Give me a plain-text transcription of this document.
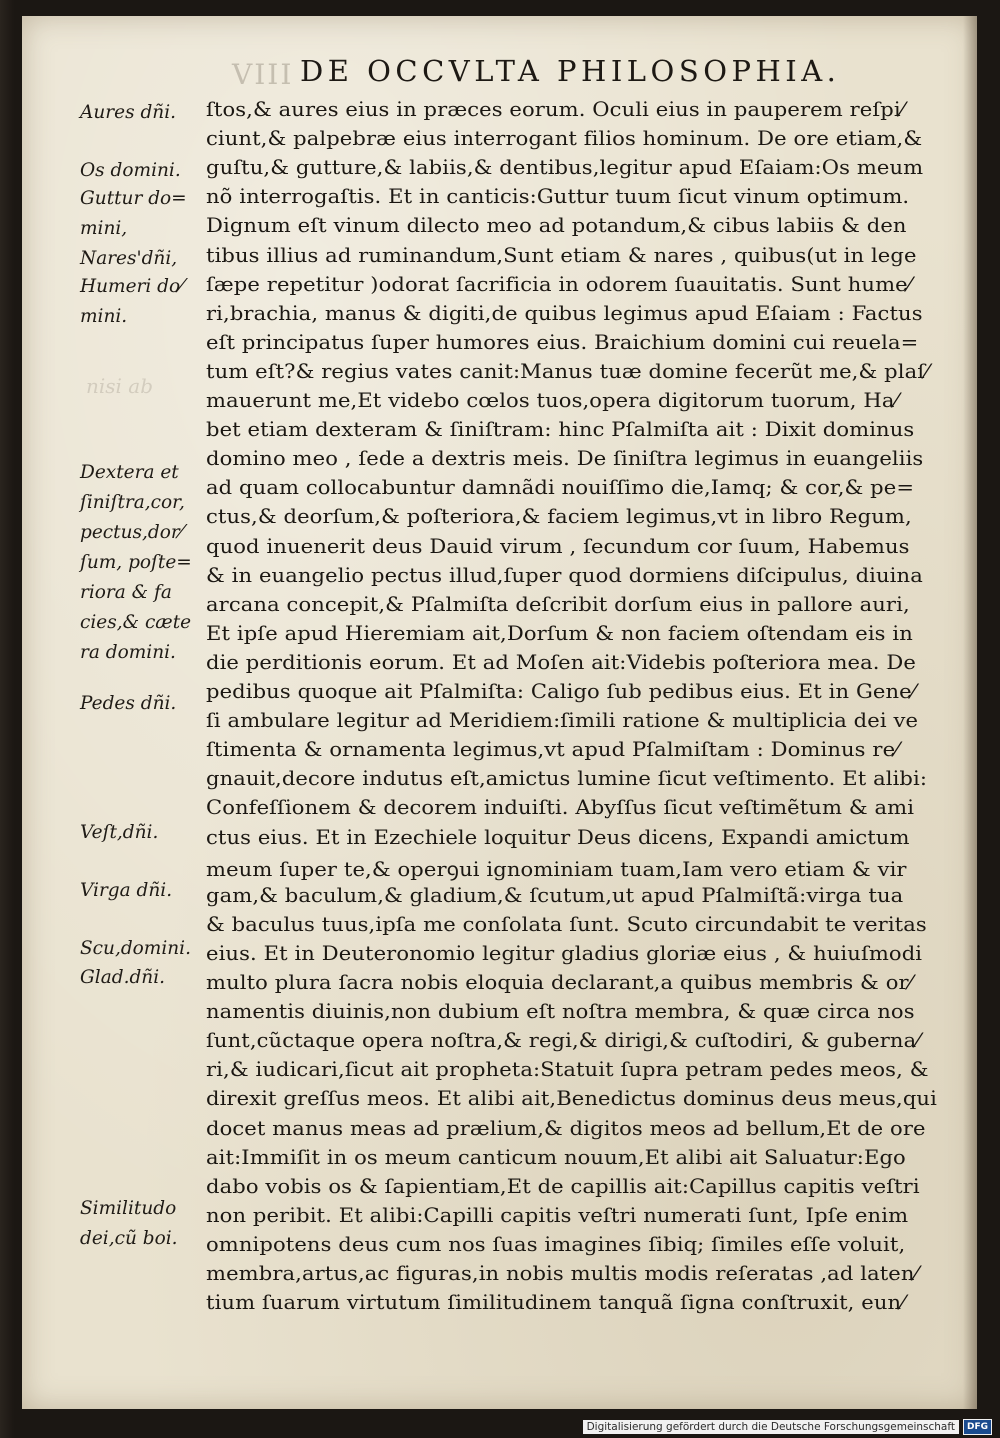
VIII DE OCCVLTA PHILOSOPHIA.
nisi ab
Aures dñi.
Os domini.
Guttur do=
mini,
Nares'dñi,
Humeri do⁄
mini.
Dextera et
ſiniſtra,cor,
pectus,dor⁄
ſum, poſte=
riora & fa
cies,& cæte
ra domini.
Pedes dñi.
Veſt,dñi.
Virga dñi.
Scu,domini.
Glad.dñi.
Similitudo
dei,cũ boi.
ſtos,& aures eius in præces eorum. Oculi eius in pauperem reſpi⁄
ciunt,& palpebræ eius interrogant filios hominum. De ore etiam,&
guſtu,& gutture,& labiis,& dentibus,legitur apud Eſaiam:Os meum
nõ interrogaſtis. Et in canticis:Guttur tuum ſicut vinum optimum.
Dignum eſt vinum dilecto meo ad potandum,& cibus labiis & den
tibus illius ad ruminandum,Sunt etiam & nares , quibus(ut in lege
ſæpe repetitur )odorat ſacrificia in odorem ſuauitatis. Sunt hume⁄
ri,brachia, manus & digiti,de quibus legimus apud Eſaiam : Factus
eſt principatus ſuper humores eius. Braichium domini cui reuela=
tum eſt?& regius vates canit:Manus tuæ domine fecerũt me,& plaſ⁄
mauerunt me,Et videbo cœlos tuos,opera digitorum tuorum, Ha⁄
bet etiam dexteram & ſiniſtram: hinc Pſalmiſta ait : Dixit dominus
domino meo , ſede a dextris meis. De ſiniſtra legimus in euangeliis
ad quam collocabuntur damnãdi nouiſſimo die,Iamq; & cor,& pe=
ctus,& deorſum,& poſteriora,& faciem legimus,vt in libro Regum,
quod inuenerit deus Dauid virum , ſecundum cor ſuum, Habemus
& in euangelio pectus illud,ſuper quod dormiens diſcipulus, diuina
arcana concepit,& Pſalmiſta deſcribit dorſum eius in pallore auri,
Et ipſe apud Hieremiam ait,Dorſum & non faciem oſtendam eis in
die perditionis eorum. Et ad Moſen ait:Videbis poſteriora mea. De
pedibus quoque ait Pſalmiſta: Caligo ſub pedibus eius. Et in Gene⁄
ſi ambulare legitur ad Meridiem:ſimili ratione & multiplicia dei ve
ſtimenta & ornamenta legimus,vt apud Pſalmiſtam : Dominus re⁄
gnauit,decore indutus eſt,amictus lumine ſicut veſtimento. Et alibi:
Confeſſionem & decorem induiſti. Abyſſus ſicut veſtimẽtum & ami
ctus eius. Et in Ezechiele loquitur Deus dicens, Expandi amictum
meum ſuper te,& operꝯui ignominiam tuam,Iam vero etiam & vir
gam,& baculum,& gladium,& ſcutum,ut apud Pſalmiſtã:virga tua
& baculus tuus,ipſa me conſolata ſunt. Scuto circundabit te veritas
eius. Et in Deuteronomio legitur gladius gloriæ eius , & huiuſmodi
multo plura ſacra nobis eloquia declarant,a quibus membris & or⁄
namentis diuinis,non dubium eſt noſtra membra, & quæ circa nos
ſunt,cũctaque opera noſtra,& regi,& dirigi,& cuſtodiri, & guberna⁄
ri,& iudicari,ſicut ait propheta:Statuit ſupra petram pedes meos, &
direxit greſſus meos. Et alibi ait,Benedictus dominus deus meus,qui
docet manus meas ad prælium,& digitos meos ad bellum,Et de ore
ait:Immiſit in os meum canticum nouum,Et alibi ait Saluatur:Ego
dabo vobis os & ſapientiam,Et de capillis ait:Capillus capitis veſtri
non peribit. Et alibi:Capilli capitis veſtri numerati ſunt, Ipſe enim
omnipotens deus cum nos ſuas imagines ſibiq; ſimiles eſſe voluit,
membra,artus,ac figuras,in nobis multis modis reſeratas ,ad laten⁄
tium ſuarum virtutum ſimilitudinem tanquã ſigna conſtruxit, eun⁄
Digitalisierung gefördert durch die Deutsche Forschungsgemeinschaft	DFG
